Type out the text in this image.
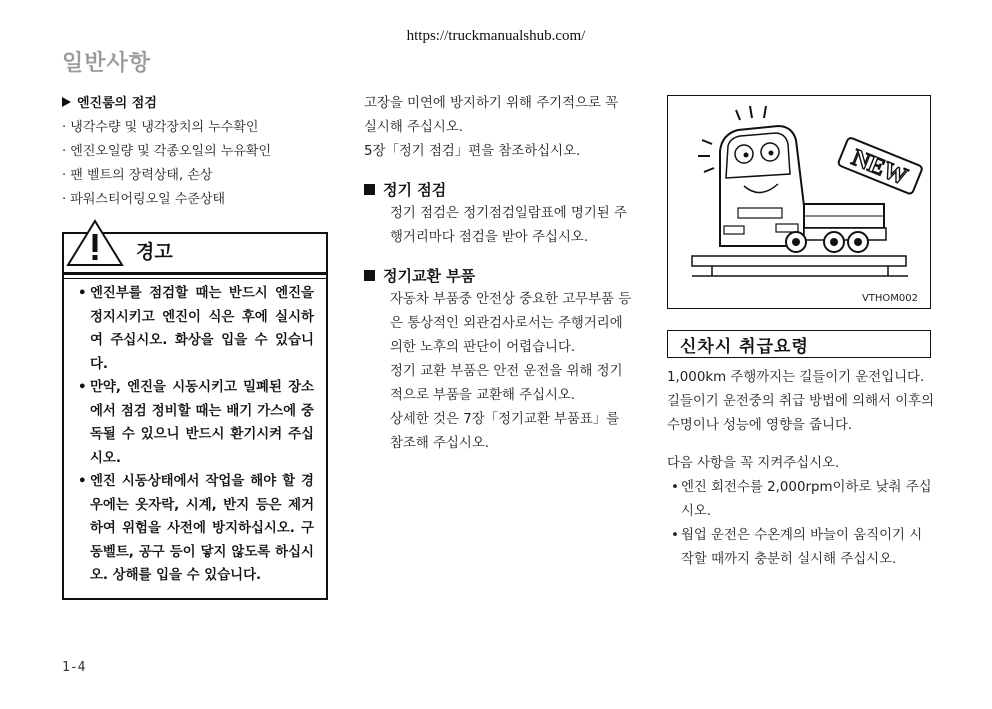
https://truckmanualshub.com/
일반사항
엔진룸의 점검
· 냉각수량 및 냉각장치의 누수확인
· 엔진오일량 및 각종오일의 누유확인
· 팬 벨트의 장력상태, 손상
· 파워스티어링오일 수준상태
경고
• 엔진부를 점검할 때는 반드시 엔진을 정지시키고 엔진이 식은 후에 실시하여 주십시오. 화상을 입을 수 있습니다.
• 만약, 엔진을 시동시키고 밀폐된 장소에서 점검 정비할 때는 배기 가스에 중독될 수 있으니 반드시 환기시켜 주십시오.
• 엔진 시동상태에서 작업을 해야 할 경우에는 옷자락, 시계, 반지 등은 제거하여 위험을 사전에 방지하십시오. 구동벨트, 공구 등이 닿지 않도록 하십시오. 상해를 입을 수 있습니다.

고장을 미연에 방지하기 위해 주기적으로 꼭 실시해 주십시오.

5장「정기 점검」편을 참조하십시오.

정기 점검

정기 점검은 정기점검일람표에 명기된 주행거리마다 점검을 받아 주십시오.

정기교환 부품

자동차 부품중 안전상 중요한 고무부품 등은 통상적인 외관검사로서는 주행거리에 의한 노후의 판단이 어렵습니다.

정기 교환 부품은 안전 운전을 위해 정기적으로 부품을 교환해 주십시오.

상세한 것은 7장「정기교환 부품표」를 참조해 주십시오.

NEW
VTHOM002
신차시 취급요령

1,000km 주행까지는 길들이기 운전입니다.

길들이기 운전중의 취급 방법에 의해서 이후의 수명이나 성능에 영향을 줍니다.

다음 사항을 꼭 지켜주십시오.

• 엔진 회전수를 2,000rpm이하로 낮춰 주십시오.
• 웜업 운전은 수온계의 바늘이 움직이기 시작할 때까지 충분히 실시해 주십시오.
1-4
